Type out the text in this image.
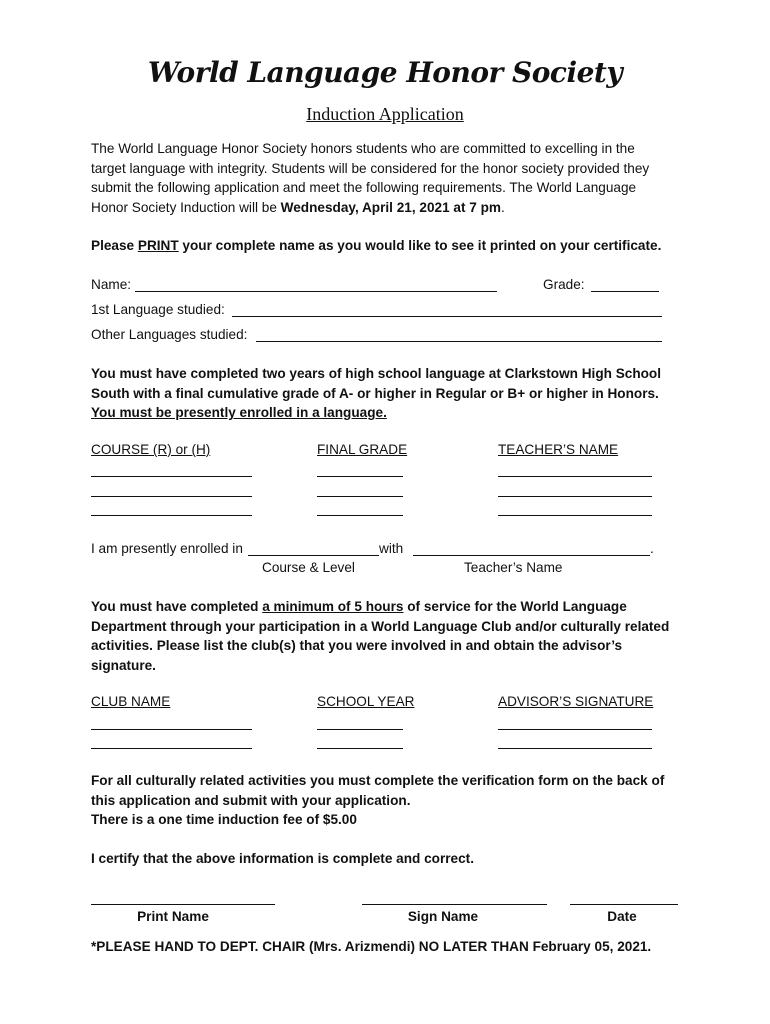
World Language Honor Society
Induction Application
The World Language Honor Society honors students who are committed to excelling in the
target language with integrity. Students will be considered for the honor society provided they
submit the following application and meet the following requirements. The World Language
Honor Society Induction will be Wednesday, April 21, 2021 at 7 pm.
Please PRINT your complete name as you would like to see it printed on your certificate.
Name:	Grade:
1st Language studied:
Other Languages studied:
You must have completed two years of high school language at Clarkstown High School
South with a final cumulative grade of A- or higher in Regular or B+ or higher in Honors.
You must be presently enrolled in a language.
COURSE (R) or (H)	FINAL GRADE	TEACHER’S NAME
I am presently enrolled in	with	.
Course & Level	Teacher’s Name
You must have completed a minimum of 5 hours of service for the World Language
Department through your participation in a World Language Club and/or culturally related
activities. Please list the club(s) that you were involved in and obtain the advisor’s
signature.
CLUB NAME	SCHOOL YEAR	ADVISOR’S SIGNATURE
For all culturally related activities you must complete the verification form on the back of
this application and submit with your application.
There is a one time induction fee of $5.00
I certify that the above information is complete and correct.
Print Name	Sign Name	Date
*PLEASE HAND TO DEPT. CHAIR (Mrs. Arizmendi) NO LATER THAN February 05, 2021.
